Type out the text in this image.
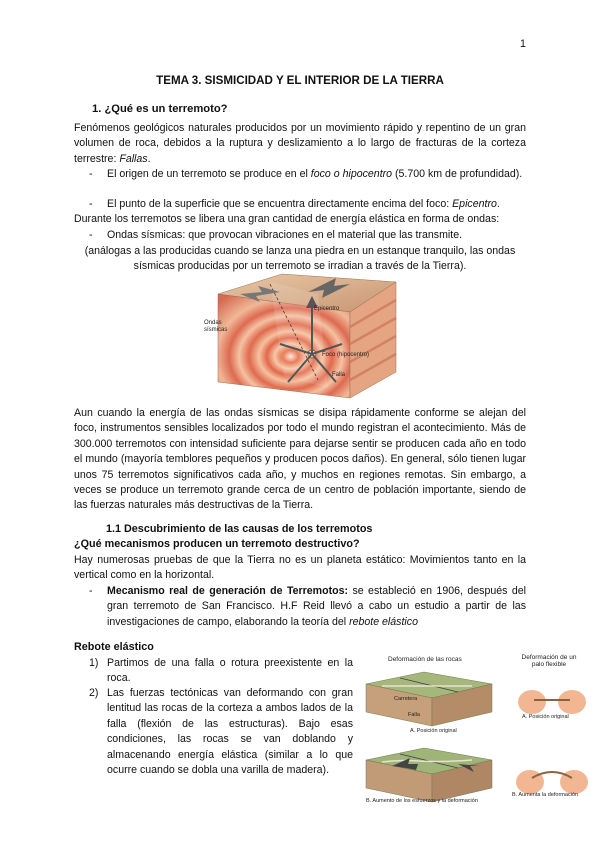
1
TEMA 3. SISMICIDAD Y EL INTERIOR DE LA TIERRA
1. ¿Qué es un terremoto?
Fenómenos geológicos naturales producidos por un movimiento rápido y repentino de un gran volumen de roca, debidos a la ruptura y deslizamiento a lo largo de fracturas de la corteza terrestre: Fallas.
- El origen de un terremoto se produce en el foco o hipocentro (5.700 km de profundidad).
- El punto de la superficie que se encuentra directamente encima del foco: Epicentro.
Durante los terremotos se libera una gran cantidad de energía elástica en forma de ondas:
- Ondas sísmicas: que provocan vibraciones en el material que las transmite.
(análogas a las producidas cuando se lanza una piedra en un estanque tranquilo, las ondas sísmicas producidas por un terremoto se irradian a través de la Tierra).
Epicentro
Ondas sísmicas
Foco (hipocentro)
Falla
Aun cuando la energía de las ondas sísmicas se disipa rápidamente conforme se alejan del foco, instrumentos sensibles localizados por todo el mundo registran el acontecimiento. Más de 300.000 terremotos con intensidad suficiente para dejarse sentir se producen cada año en todo el mundo (mayoría temblores pequeños y producen pocos daños). En general, sólo tienen lugar unos 75 terremotos significativos cada año, y muchos en regiones remotas. Sin embargo, a veces se produce un terremoto grande cerca de un centro de población importante, siendo de las fuerzas naturales más destructivas de la Tierra.
1.1 Descubrimiento de las causas de los terremotos
¿Qué mecanismos producen un terremoto destructivo?
Hay numerosas pruebas de que la Tierra no es un planeta estático: Movimientos tanto en la vertical como en la horizontal.
- Mecanismo real de generación de Terremotos: se estableció en 1906, después del gran terremoto de San Francisco. H.F Reid llevó a cabo un estudio a partir de las investigaciones de campo, elaborando la teoría del rebote elástico
Rebote elástico
1) Partimos de una falla o rotura preexistente en la roca.
2) Las fuerzas tectónicas van deformando con gran lentitud las rocas de la corteza a ambos lados de la falla (flexión de las estructuras). Bajo esas condiciones, las rocas se van doblando y almacenando energía elástica (similar a lo que ocurre cuando se dobla una varilla de madera).
Deformación de las rocas	Deformación de un palo flexible
Carretera
Falla
A. Posición original
A. Posición original
B. Aumento de los esfuerzos y la deformación
B. Aumenta la deformación
